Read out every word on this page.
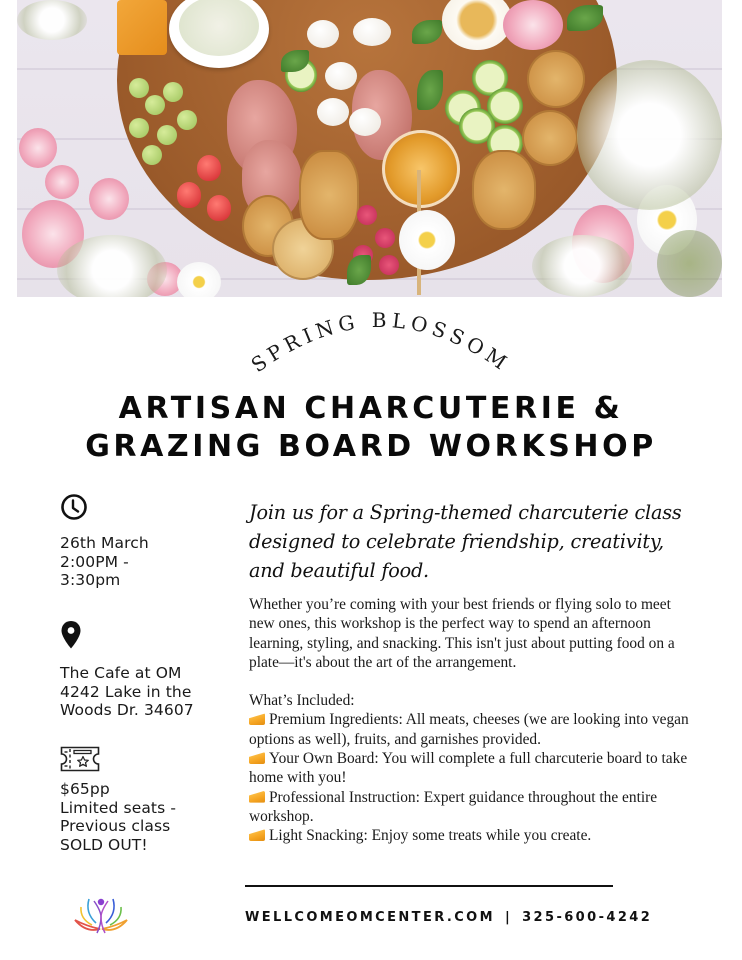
SPRING BLOSSOM
ARTISAN CHARCUTERIE &
GRAZING BOARD WORKSHOP
26th March
2:00PM -
3:30pm
The Cafe at OM
4242 Lake in the
Woods Dr. 34607
$65pp
Limited seats -
Previous class
SOLD OUT!

Join us for a Spring-themed charcuterie class designed to celebrate friendship, creativity, and beautiful food.

Whether you’re coming with your best friends or flying solo to meet new ones, this workshop is the perfect way to spend an afternoon learning, styling, and snacking. This isn't just about putting food on a plate—it's about the art of the arrangement.

What’s Included:
Premium Ingredients: All meats, cheeses (we are looking into vegan options as well), fruits, and garnishes provided.
Your Own Board: You will complete a full charcuterie board to take home with you!
Professional Instruction: Expert guidance throughout the entire workshop.
Light Snacking: Enjoy some treats while you create.
WELLCOMEOMCENTER.COM | 325-600-4242
